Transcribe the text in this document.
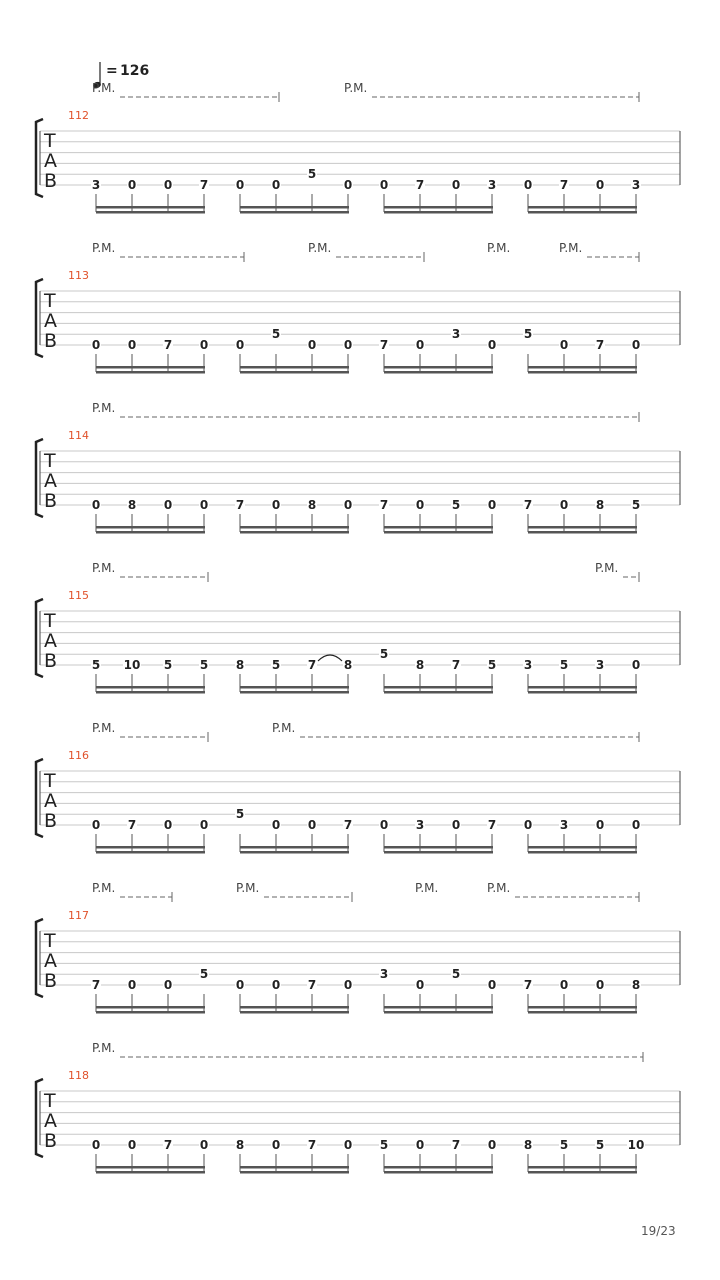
= 126
T
A
B
112
P.M.	P.M.
3 0 0 7 0 0
5
0 0 7 0 3 0 7 0 3
T
A
B
113
P.M.	P.M.	P.M.	P.M.
0 0 7 0 0
5
0 0 7 0
3
0
5
0 7 0
T
A
B
114
P.M.
0 8 0 0 7 0 8 0 7 0 5 0 7 0 8 5
T
A
B
115
P.M.	P.M.
5 10 5 5 8 5 7 8
5
8 7 5 3 5 3 0
T
A
B
116
P.M.	P.M.
0 7 0 0
5
0 0 7 0 3 0 7 0 3 0 0
T
A
B
117
P.M.	P.M.	P.M.	P.M.
7 0 0
5
0 0 7 0
3
0
5
0 7 0 0 8
T
A
B
118
P.M.
0 0 7 0 8 0 7 0 5 0 7 0 8 5 5 10
19/23
